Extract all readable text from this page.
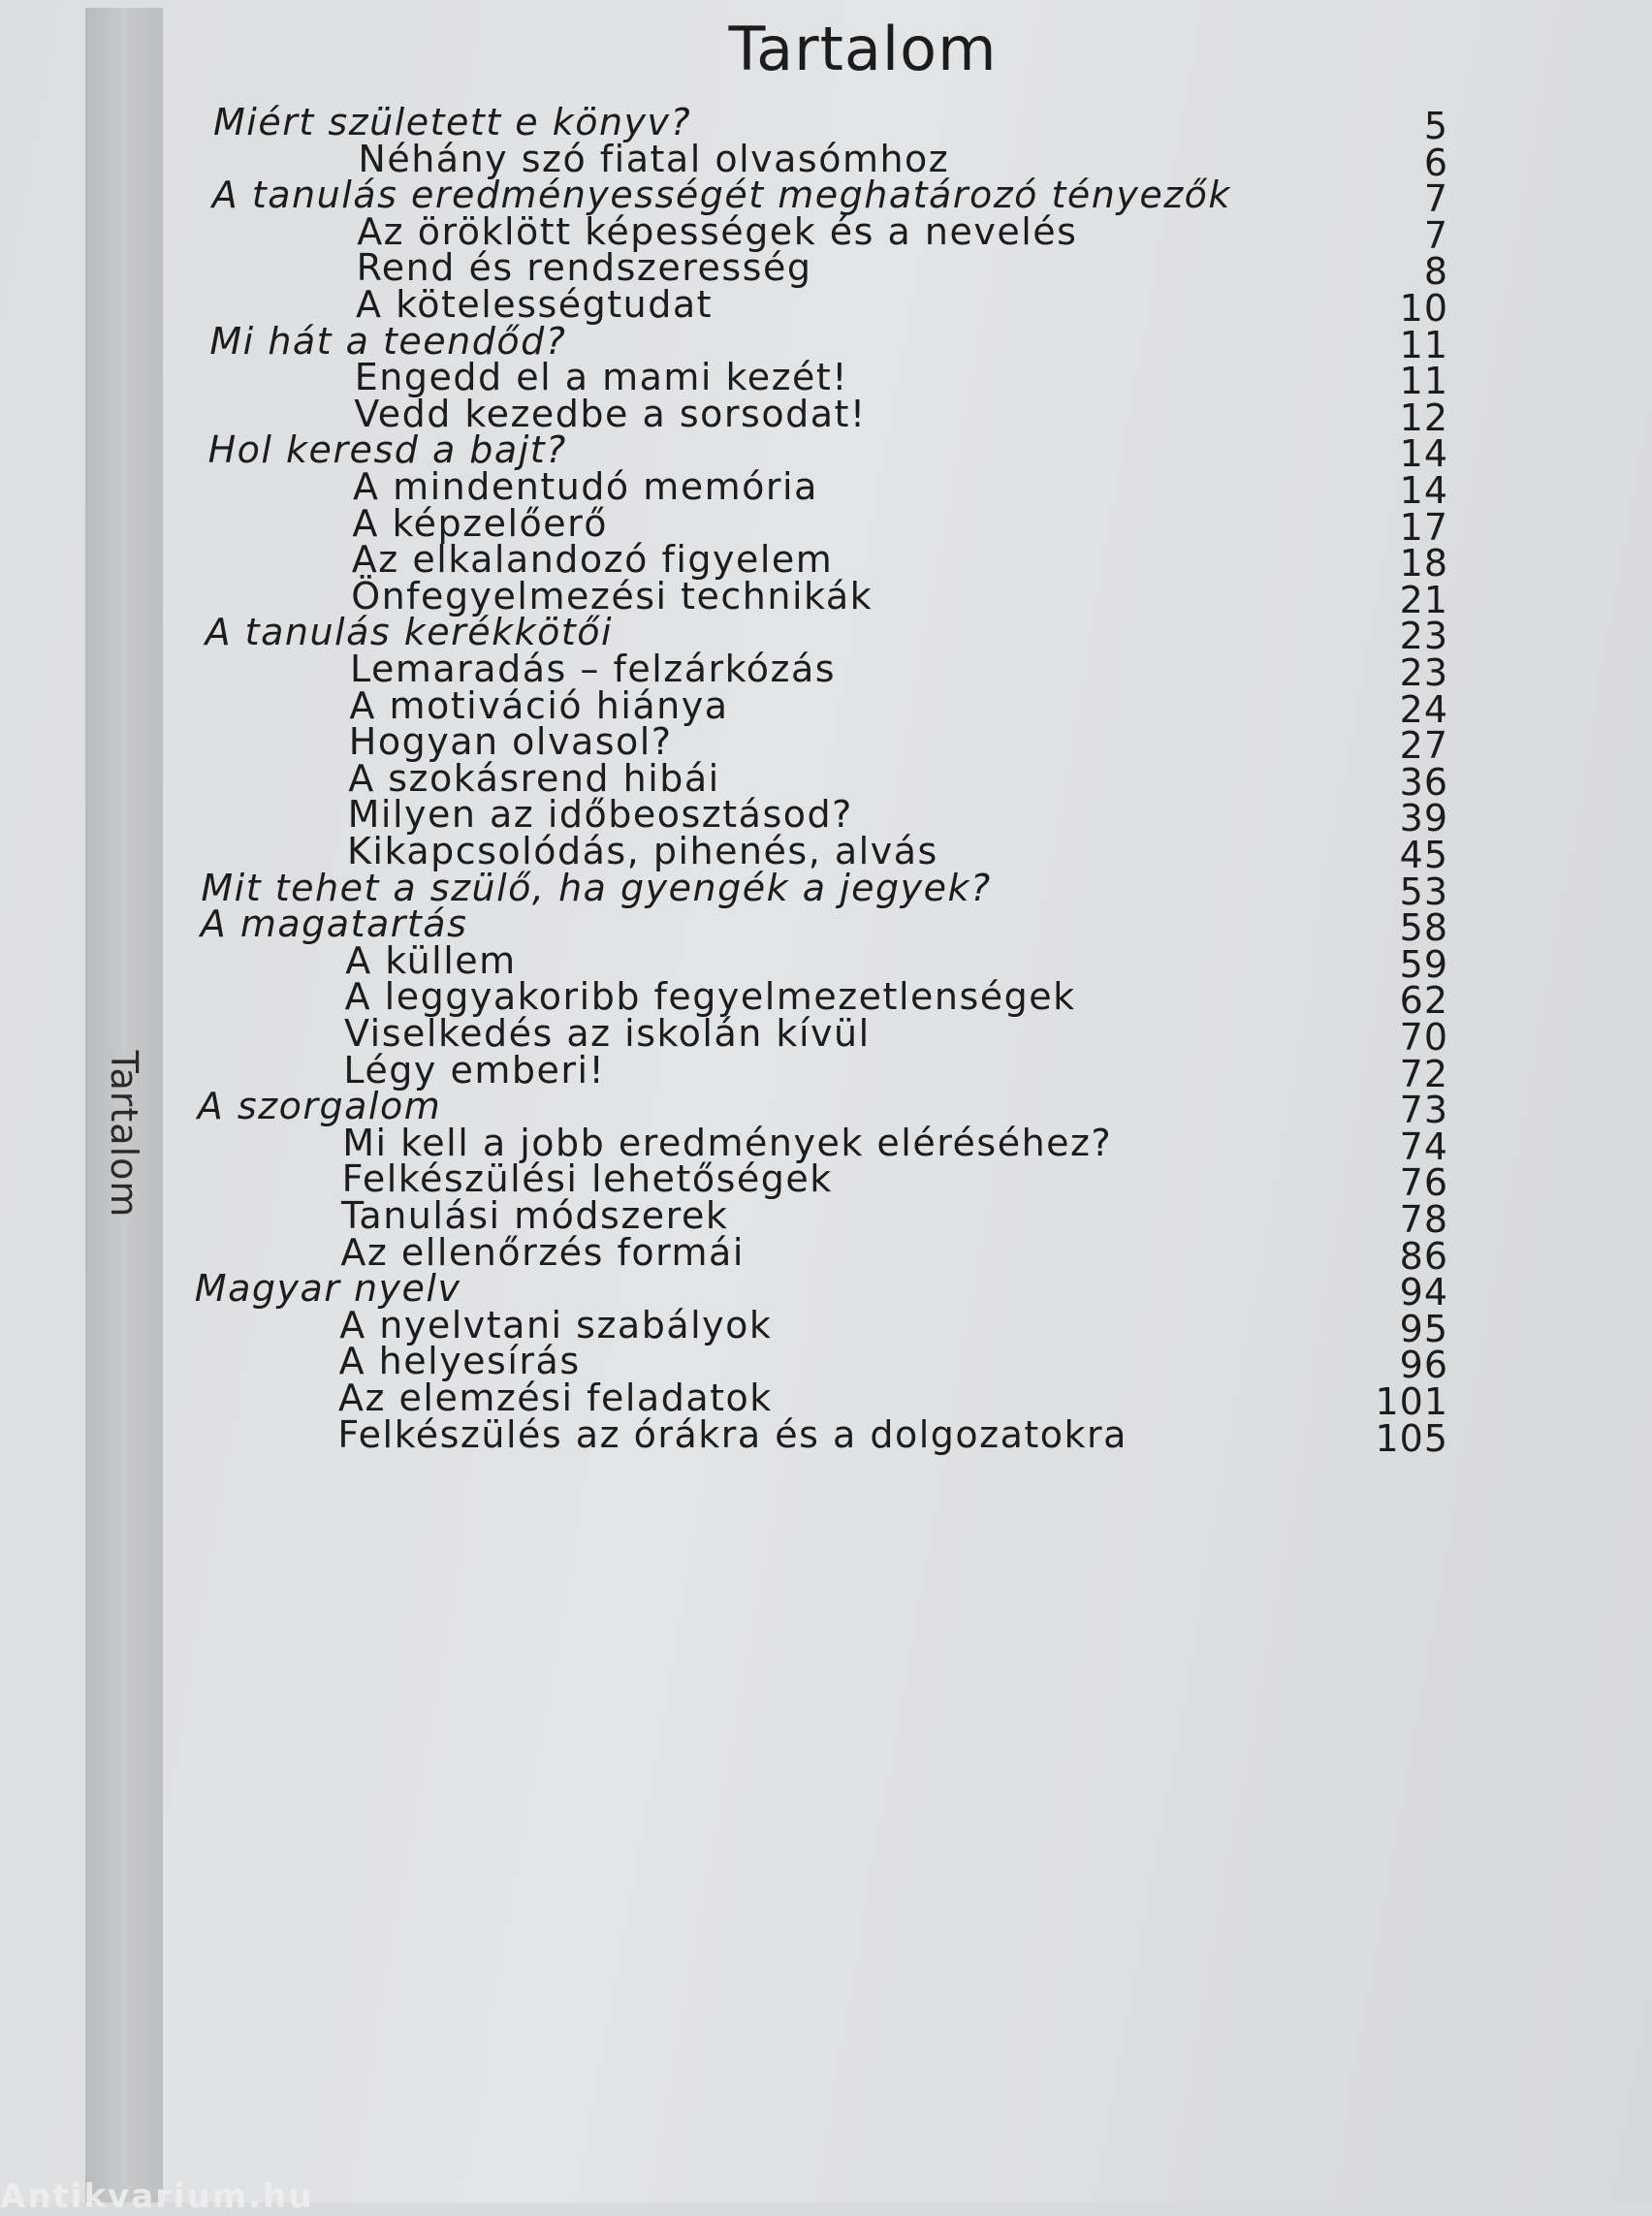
Tartalom
Tartalom
Miért született e könyv?	5
Néhány szó fiatal olvasómhoz	6
A tanulás eredményességét meghatározó tényezők	7
Az öröklött képességek és a nevelés	7
Rend és rendszeresség	8
A kötelességtudat	10
Mi hát a teendőd?	11
Engedd el a mami kezét!	11
Vedd kezedbe a sorsodat!	12
Hol keresd a bajt?	14
A mindentudó memória	14
A képzelőerő	17
Az elkalandozó figyelem	18
Önfegyelmezési technikák	21
A tanulás kerékkötői	23
Lemaradás – felzárkózás	23
A motiváció hiánya	24
Hogyan olvasol?	27
A szokásrend hibái	36
Milyen az időbeosztásod?	39
Kikapcsolódás, pihenés, alvás	45
Mit tehet a szülő, ha gyengék a jegyek?	53
A magatartás	58
A küllem	59
A leggyakoribb fegyelmezetlenségek	62
Viselkedés az iskolán kívül	70
Légy emberi!	72
A szorgalom	73
Mi kell a jobb eredmények eléréséhez?	74
Felkészülési lehetőségek	76
Tanulási módszerek	78
Az ellenőrzés formái	86
Magyar nyelv	94
A nyelvtani szabályok	95
A helyesírás	96
Az elemzési feladatok	101
Felkészülés az órákra és a dolgozatokra	105
Antikvarium.hu
